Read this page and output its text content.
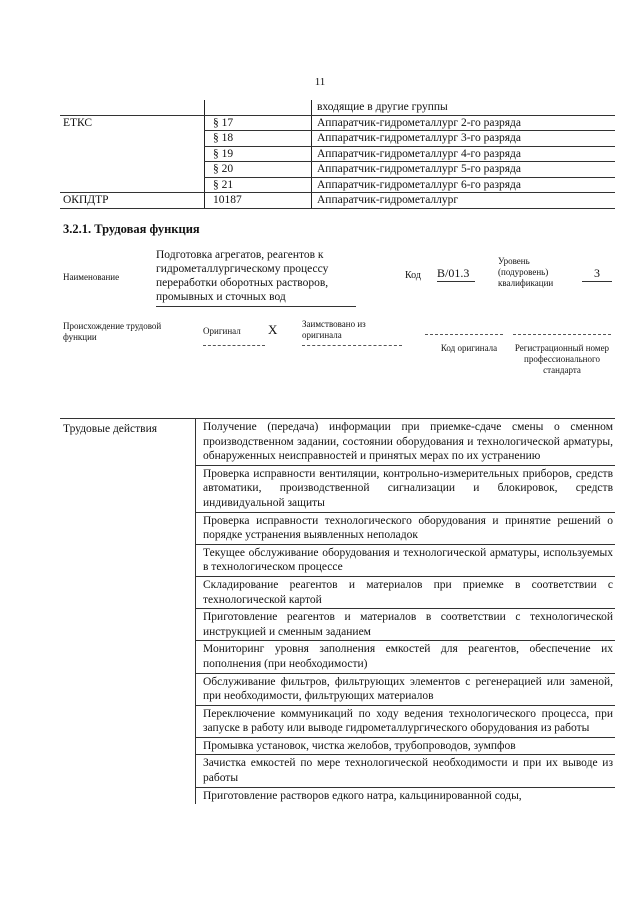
11
		входящие в другие группы
ЕТКС	§ 17	Аппаратчик-гидрометаллург 2-го разряда
	§ 18	Аппаратчик-гидрометаллург 3-го разряда
	§ 19	Аппаратчик-гидрометаллург 4-го разряда
	§ 20	Аппаратчик-гидрометаллург 5-го разряда
	§ 21	Аппаратчик-гидрометаллург 6-го разряда
ОКПДТР	10187	Аппаратчик-гидрометаллург
3.2.1. Трудовая функция
Наименование
Подготовка агрегатов, реагентов к гидрометаллургическому процессу переработки оборотных растворов, промывных и сточных вод
Код В/01.3
Уровень (подуровень) квалификации
3
Происхождение трудовой функции
Оригинал	X	Заимствовано из оригинала
Код оригинала	Регистрационный номер профессионального стандарта
Трудовые действия	Получение (передача) информации при приемке-сдаче смены о сменном производственном задании, состоянии оборудования и технологической арматуры, обнаруженных неисправностей и принятых мерах по их устранению
Проверка исправности вентиляции, контрольно-измерительных приборов, средств автоматики, производственной сигнализации и блокировок, средств индивидуальной защиты
Проверка исправности технологического оборудования и принятие решений о порядке устранения выявленных неполадок
Текущее обслуживание оборудования и технологической арматуры, используемых в технологическом процессе
Складирование реагентов и материалов при приемке в соответствии с технологической картой
Приготовление реагентов и материалов в соответствии с технологической инструкцией и сменным заданием
Мониторинг уровня заполнения емкостей для реагентов, обеспечение их пополнения (при необходимости)
Обслуживание фильтров, фильтрующих элементов с регенерацией или заменой, при необходимости, фильтрующих материалов
Переключение коммуникаций по ходу ведения технологического процесса, при запуске в работу или выводе гидрометаллургического оборудования из работы
Промывка установок, чистка желобов, трубопроводов, зумпфов
Зачистка емкостей по мере технологической необходимости и при их выводе из работы
Приготовление растворов едкого натра, кальцинированной соды,
